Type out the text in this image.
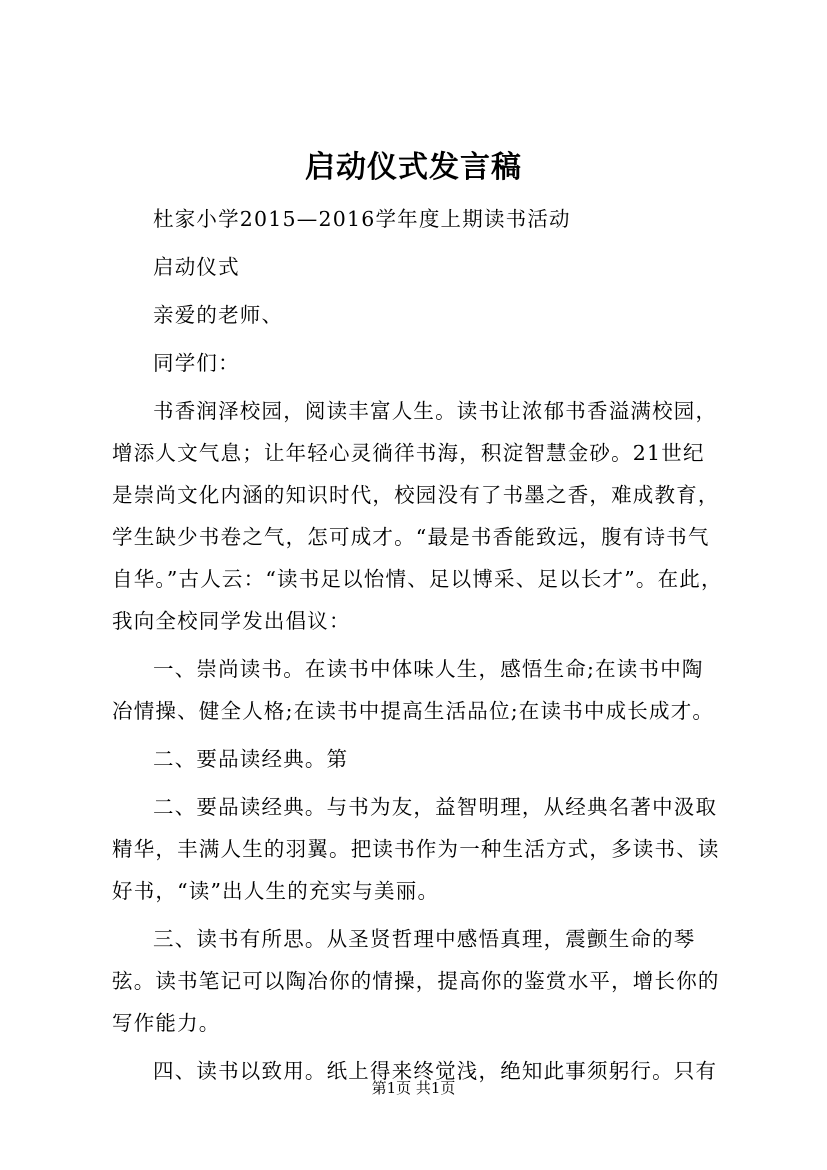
启动仪式发言稿

杜家小学2015—2016学年度上期读书活动

启动仪式

亲爱的老师、

同学们：

书香润泽校园，阅读丰富人生。读书让浓郁书香溢满校园，增添人文气息；让年轻心灵徜徉书海，积淀智慧金砂。21世纪是崇尚文化内涵的知识时代，校园没有了书墨之香，难成教育，学生缺少书卷之气，怎可成才。“最是书香能致远，腹有诗书气自华。”古人云：“读书足以怡情、足以博采、足以长才”。在此，我向全校同学发出倡议：

一、崇尚读书。在读书中体味人生，感悟生命;在读书中陶冶情操、健全人格;在读书中提高生活品位;在读书中成长成才。

二、要品读经典。第

二、要品读经典。与书为友，益智明理，从经典名著中汲取精华，丰满人生的羽翼。把读书作为一种生活方式，多读书、读好书，“读”出人生的充实与美丽。

三、读书有所思。从圣贤哲理中感悟真理，震颤生命的琴弦。读书笔记可以陶冶你的情操，提高你的鉴赏水平，增长你的写作能力。

四、读书以致用。纸上得来终觉浅，绝知此事须躬行。只有

第1页 共1页
